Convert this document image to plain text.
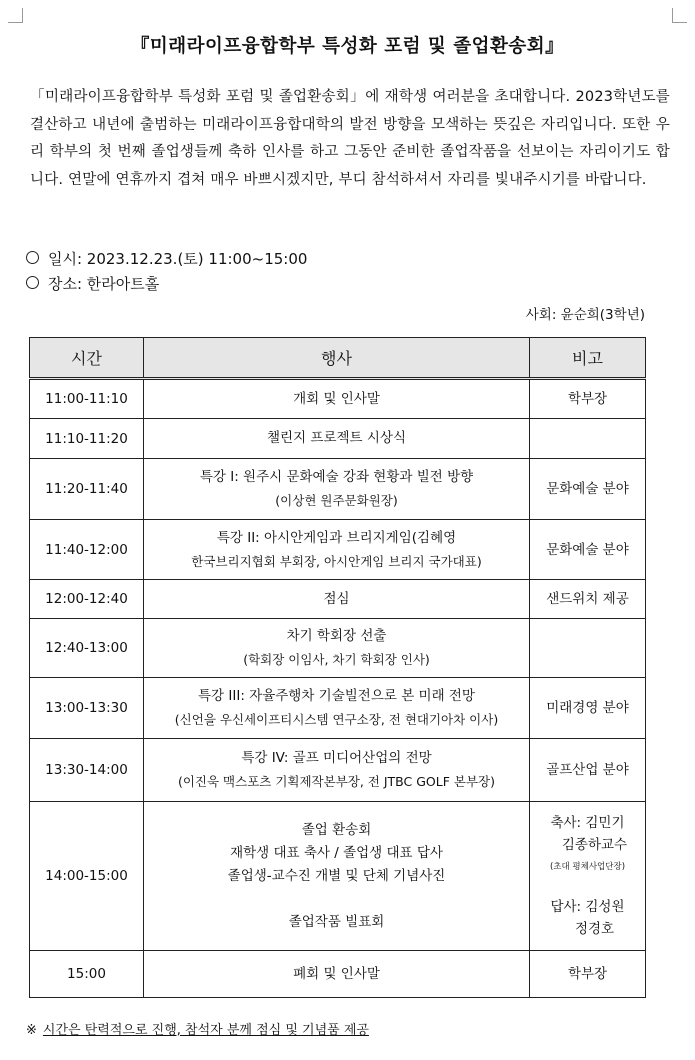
『미래라이프융합학부 특성화 포럼 및 졸업환송회』
「미래라이프융합학부 특성화 포럼 및 졸업환송회」에 재학생 여러분을 초대합니다. 2023학년도를 결산하고 내년에 출범하는 미래라이프융합대학의 발전 방향을 모색하는 뜻깊은 자리입니다. 또한 우리 학부의 첫 번째 졸업생들께 축하 인사를 하고 그동안 준비한 졸업작품을 선보이는 자리이기도 합니다. 연말에 연휴까지 겹쳐 매우 바쁘시겠지만, 부디 참석하셔서 자리를 빛내주시기를 바랍니다.
일시: 2023.12.23.(토) 11:00~15:00
장소: 한라아트홀
사회: 윤순희(3학년)
시간	행사	비고
11:00-11:10	개회 및 인사말	학부장

11:10-11:20	챌린지 프로젝트 시상식	

11:20-11:40	특강 I: 원주시 문화예술 강좌 현황과 빌전 방향
(이상현 원주문화원장)	문화예술 분야

11:40-12:00	특강 II: 아시안게임과 브리지게임(김혜영
한국브리지협회 부회장, 아시안게임 브리지 국가대표)	문화예술 분야

12:00-12:40	점심	샌드위치 제공

12:40-13:00	차기 학회장 선출
(학회장 이임사, 차기 학회장 인사)	

13:00-13:30	특강 III: 자율주행차 기술빌전으로 본 미래 전망
(신언을 우신세이프티시스템 연구소장, 전 현대기아차 이사)	미래경영 분야

13:30-14:00	특강 IV: 골프 미디어산업의 전망
(이진욱 맥스포츠 기획제작본부장, 전 JTBC GOLF 본부장)	골프산업 분야

14:00-15:00	졸업 환송회
재학생 대표 축사 / 졸업생 대표 답사
졸업생-교수진 개별 및 단체 기념사진
졸업작품 빌표회	축사: 김민기
김종하교수
(초대 평체사업단장)
답사: 김성원
정경호

15:00	폐회 및 인사말	학부장
※ 시간은 탄력적으로 진행, 참석자 분께 점심 및 기념품 제공
